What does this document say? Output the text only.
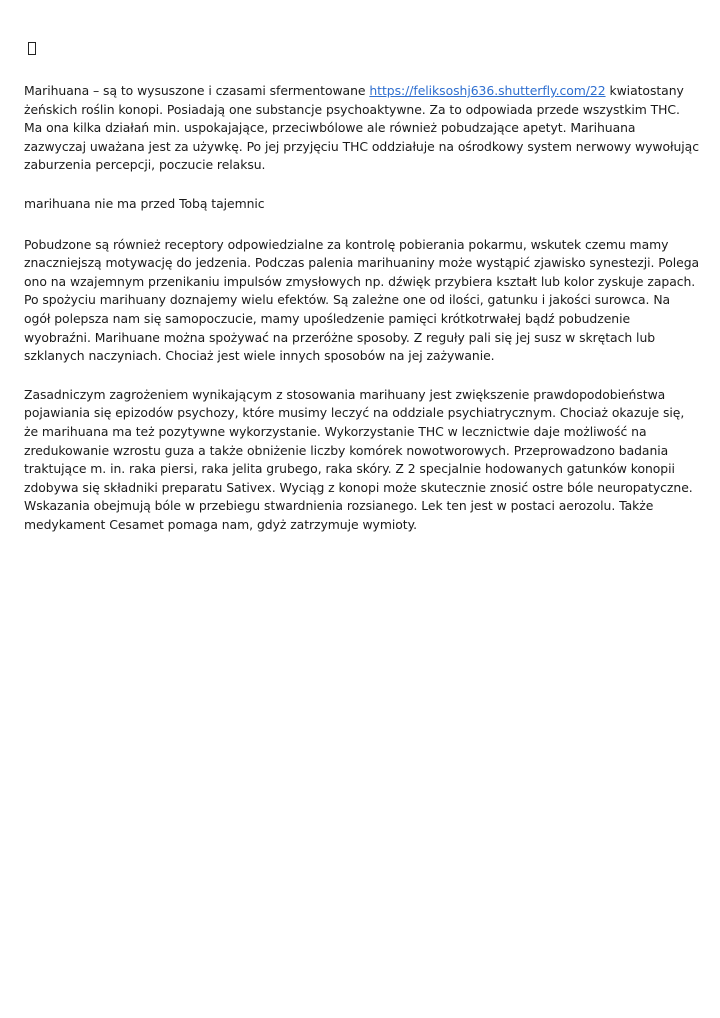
Marihuana – są to wysuszone i czasami sfermentowane https://feliksoshj636.shutterfly.com/22 kwiatostany żeńskich roślin konopi. Posiadają one substancje psychoaktywne. Za to odpowiada przede wszystkim THC. Ma ona kilka działań min. uspokajające, przeciwbólowe ale również pobudzające apetyt. Marihuana zazwyczaj uważana jest za używkę. Po jej przyjęciu THC oddziałuje na ośrodkowy system nerwowy wywołując zaburzenia percepcji, poczucie relaksu.

marihuana nie ma przed Tobą tajemnic

Pobudzone są również receptory odpowiedzialne za kontrolę pobierania pokarmu, wskutek czemu mamy znaczniejszą motywację do jedzenia. Podczas palenia marihuaniny może wystąpić zjawisko synestezji. Polega ono na wzajemnym przenikaniu impulsów zmysłowych np. dźwięk przybiera kształt lub kolor zyskuje zapach. Po spożyciu marihuany doznajemy wielu efektów. Są zależne one od ilości, gatunku i jakości surowca. Na ogół polepsza nam się samopoczucie, mamy upośledzenie pamięci krótkotrwałej bądź pobudzenie wyobraźni. Marihuane można spożywać na przeróżne sposoby. Z reguły pali się jej susz w skrętach lub szklanych naczyniach. Chociaż jest wiele innych sposobów na jej zażywanie.

Zasadniczym zagrożeniem wynikającym z stosowania marihuany jest zwiększenie prawdopodobieństwa pojawiania się epizodów psychozy, które musimy leczyć na oddziale psychiatrycznym. Chociaż okazuje się, że marihuana ma też pozytywne wykorzystanie. Wykorzystanie THC w lecznictwie daje możliwość na zredukowanie wzrostu guza a także obniżenie liczby komórek nowotworowych. Przeprowadzono badania traktujące m. in. raka piersi, raka jelita grubego, raka skóry. Z 2 specjalnie hodowanych gatunków konopii zdobywa się składniki preparatu Sativex. Wyciąg z konopi może skutecznie znosić ostre bóle neuropatyczne. Wskazania obejmują bóle w przebiegu stwardnienia rozsianego. Lek ten jest w postaci aerozolu. Także medykament Cesamet pomaga nam, gdyż zatrzymuje wymioty.
